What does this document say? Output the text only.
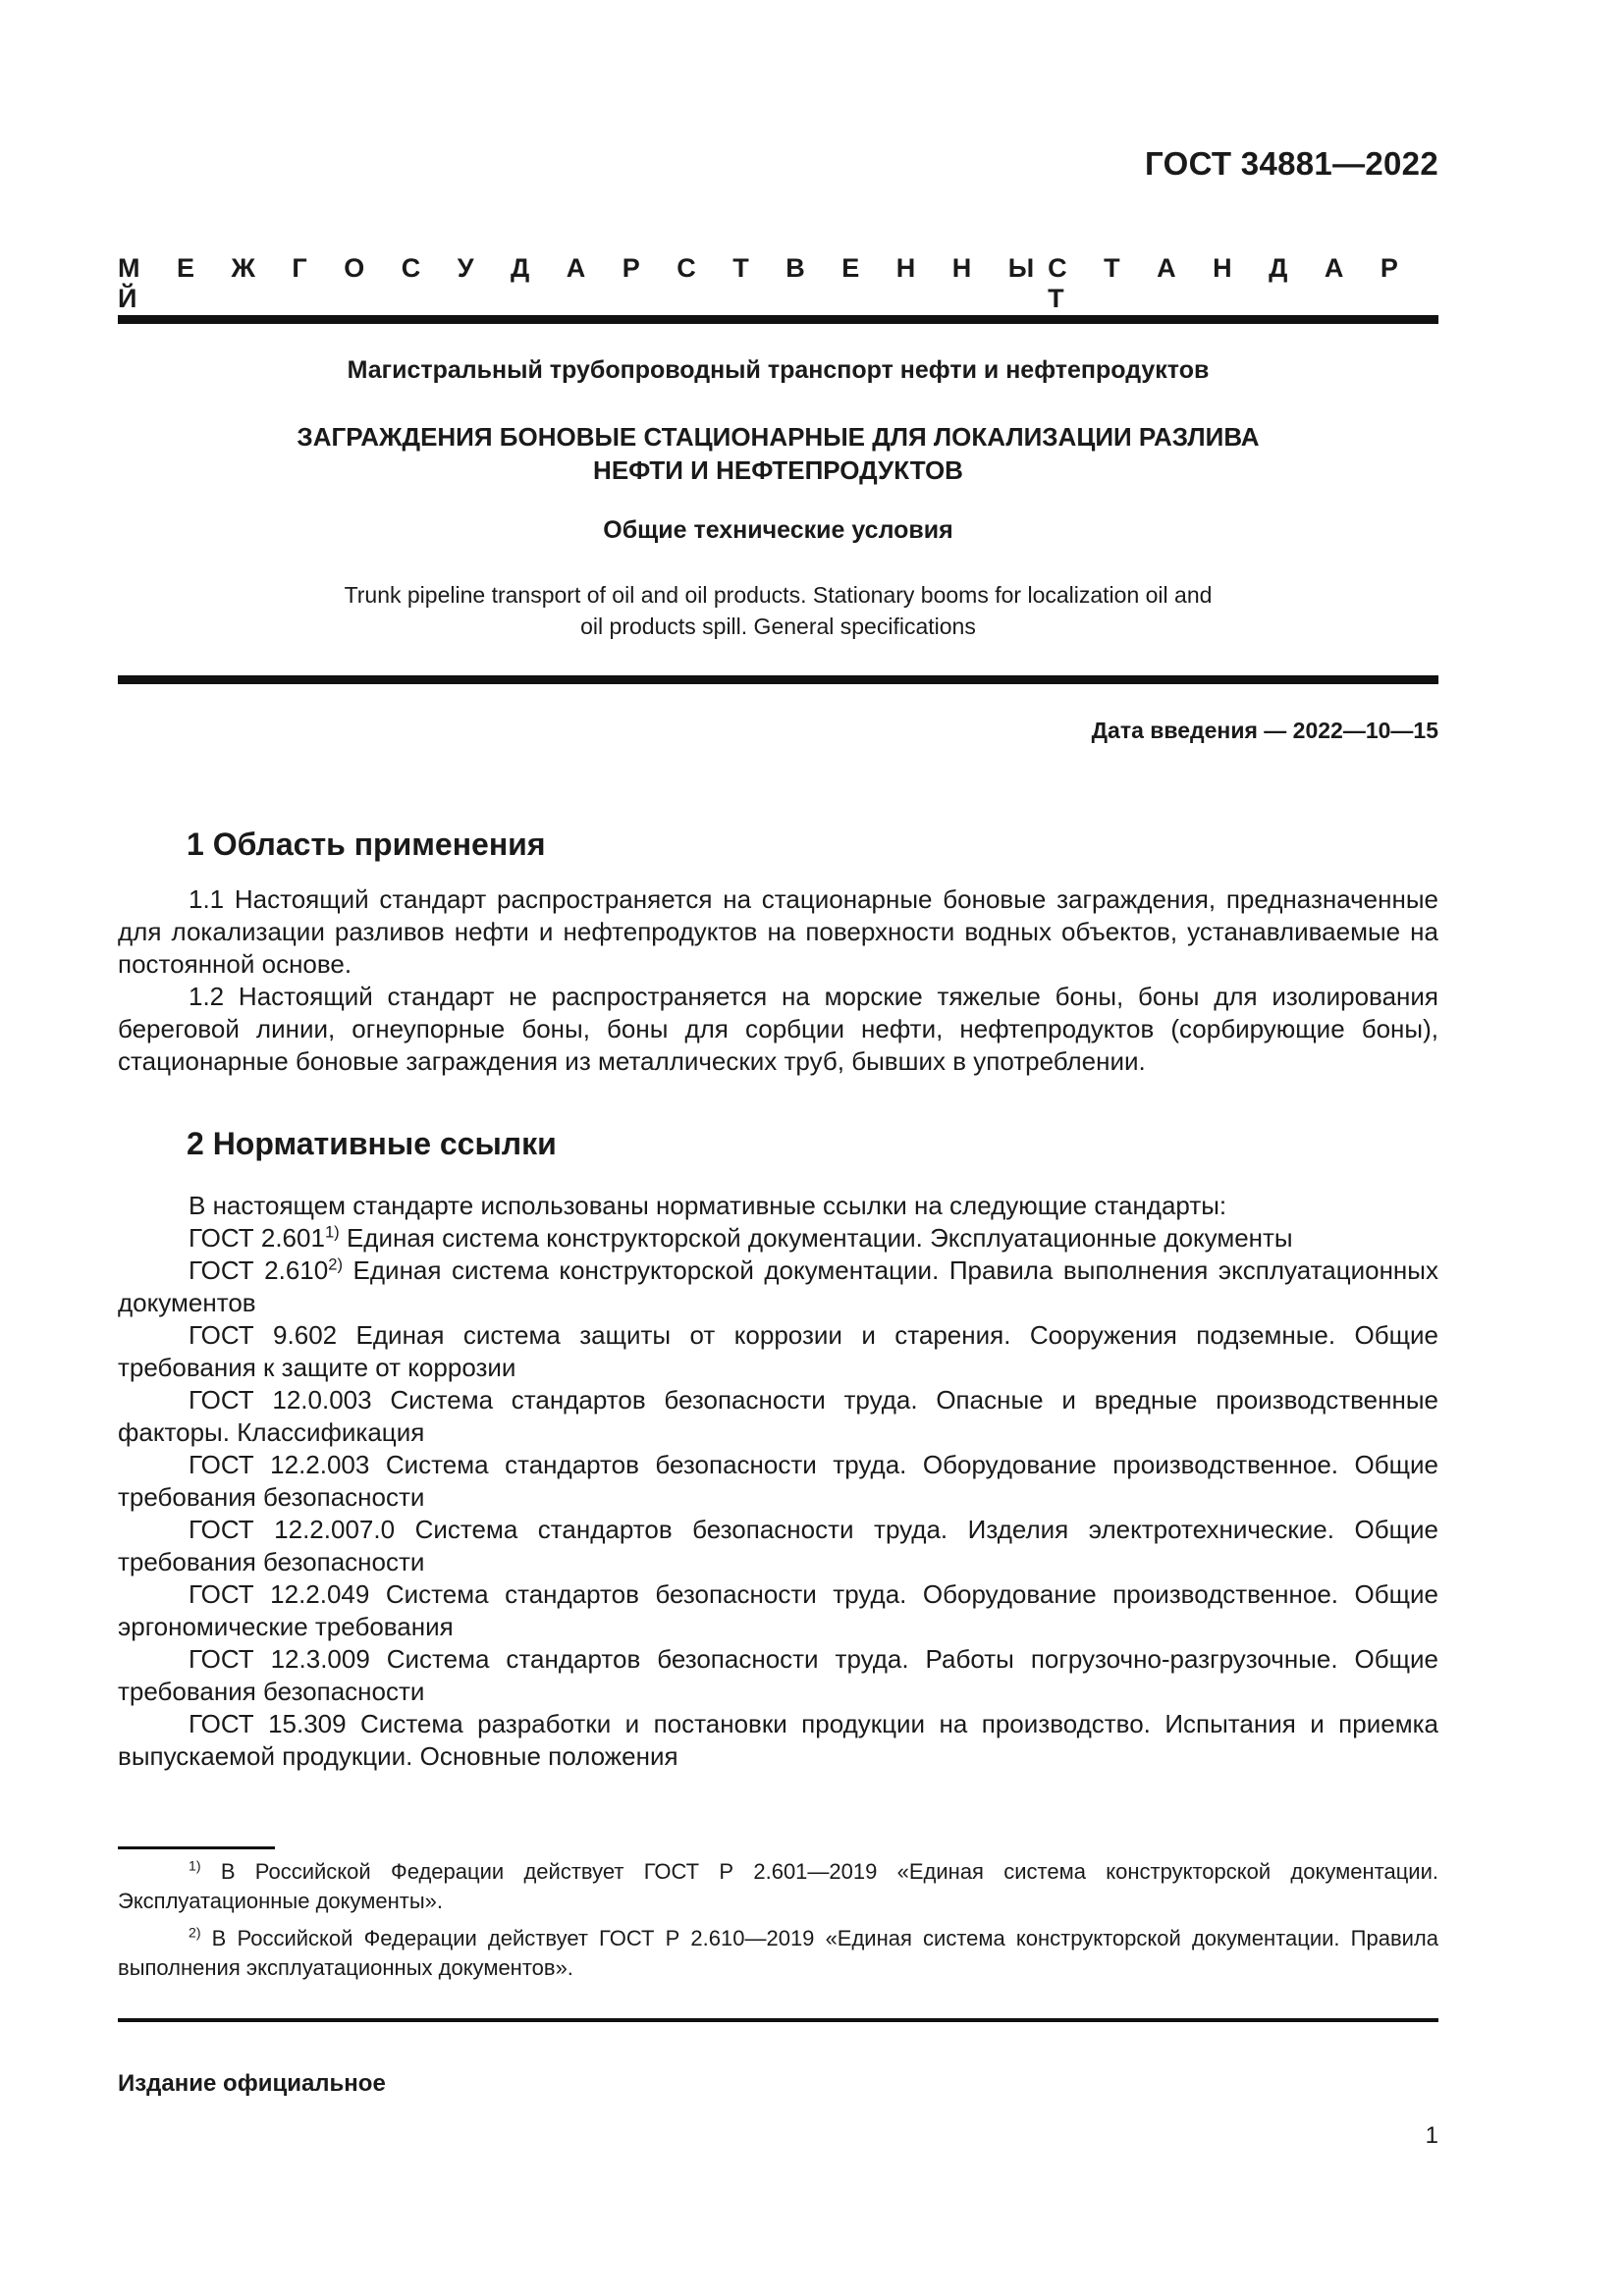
ГОСТ 34881—2022
М Е Ж Г О С У Д А Р С Т В Е Н Н Ы Й
С Т А Н Д А Р Т
Магистральный трубопроводный транспорт нефти и нефтепродуктов
ЗАГРАЖДЕНИЯ БОНОВЫЕ СТАЦИОНАРНЫЕ ДЛЯ ЛОКАЛИЗАЦИИ РАЗЛИВА
НЕФТИ И НЕФТЕПРОДУКТОВ
Общие технические условия
Trunk pipeline transport of oil and oil products. Stationary booms for localization oil and
oil products spill. General specifications
Дата введения — 2022—10—15
1 Область применения

1.1 Настоящий стандарт распространяется на стационарные боновые заграждения, предназначенные для локализации разливов нефти и нефтепродуктов на поверхности водных объектов, устанавливаемые на постоянной основе.

1.2 Настоящий стандарт не распространяется на морские тяжелые боны, боны для изолирования береговой линии, огнеупорные боны, боны для сорбции нефти, нефтепродуктов (сорбирующие боны), стационарные боновые заграждения из металлических труб, бывших в употреблении.

2 Нормативные ссылки

В настоящем стандарте использованы нормативные ссылки на следующие стандарты:

ГОСТ 2.601$^{1)}$ Единая система конструкторской документации. Эксплуатационные документы

ГОСТ 2.610$^{2)}$ Единая система конструкторской документации. Правила выполнения эксплуатационных документов

ГОСТ 9.602 Единая система защиты от коррозии и старения. Сооружения подземные. Общие требования к защите от коррозии

ГОСТ 12.0.003 Система стандартов безопасности труда. Опасные и вредные производственные факторы. Классификация

ГОСТ 12.2.003 Система стандартов безопасности труда. Оборудование производственное. Общие требования безопасности

ГОСТ 12.2.007.0 Система стандартов безопасности труда. Изделия электротехнические. Общие требования безопасности

ГОСТ 12.2.049 Система стандартов безопасности труда. Оборудование производственное. Общие эргономические требования

ГОСТ 12.3.009 Система стандартов безопасности труда. Работы погрузочно-разгрузочные. Общие требования безопасности

ГОСТ 15.309 Система разработки и постановки продукции на производство. Испытания и приемка выпускаемой продукции. Основные положения

$^{1)}$ В Российской Федерации действует ГОСТ Р 2.601—2019 «Единая система конструкторской документации. Эксплуатационные документы».

$^{2)}$ В Российской Федерации действует ГОСТ Р 2.610—2019 «Единая система конструкторской документации. Правила выполнения эксплуатационных документов».

Издание официальное
1
